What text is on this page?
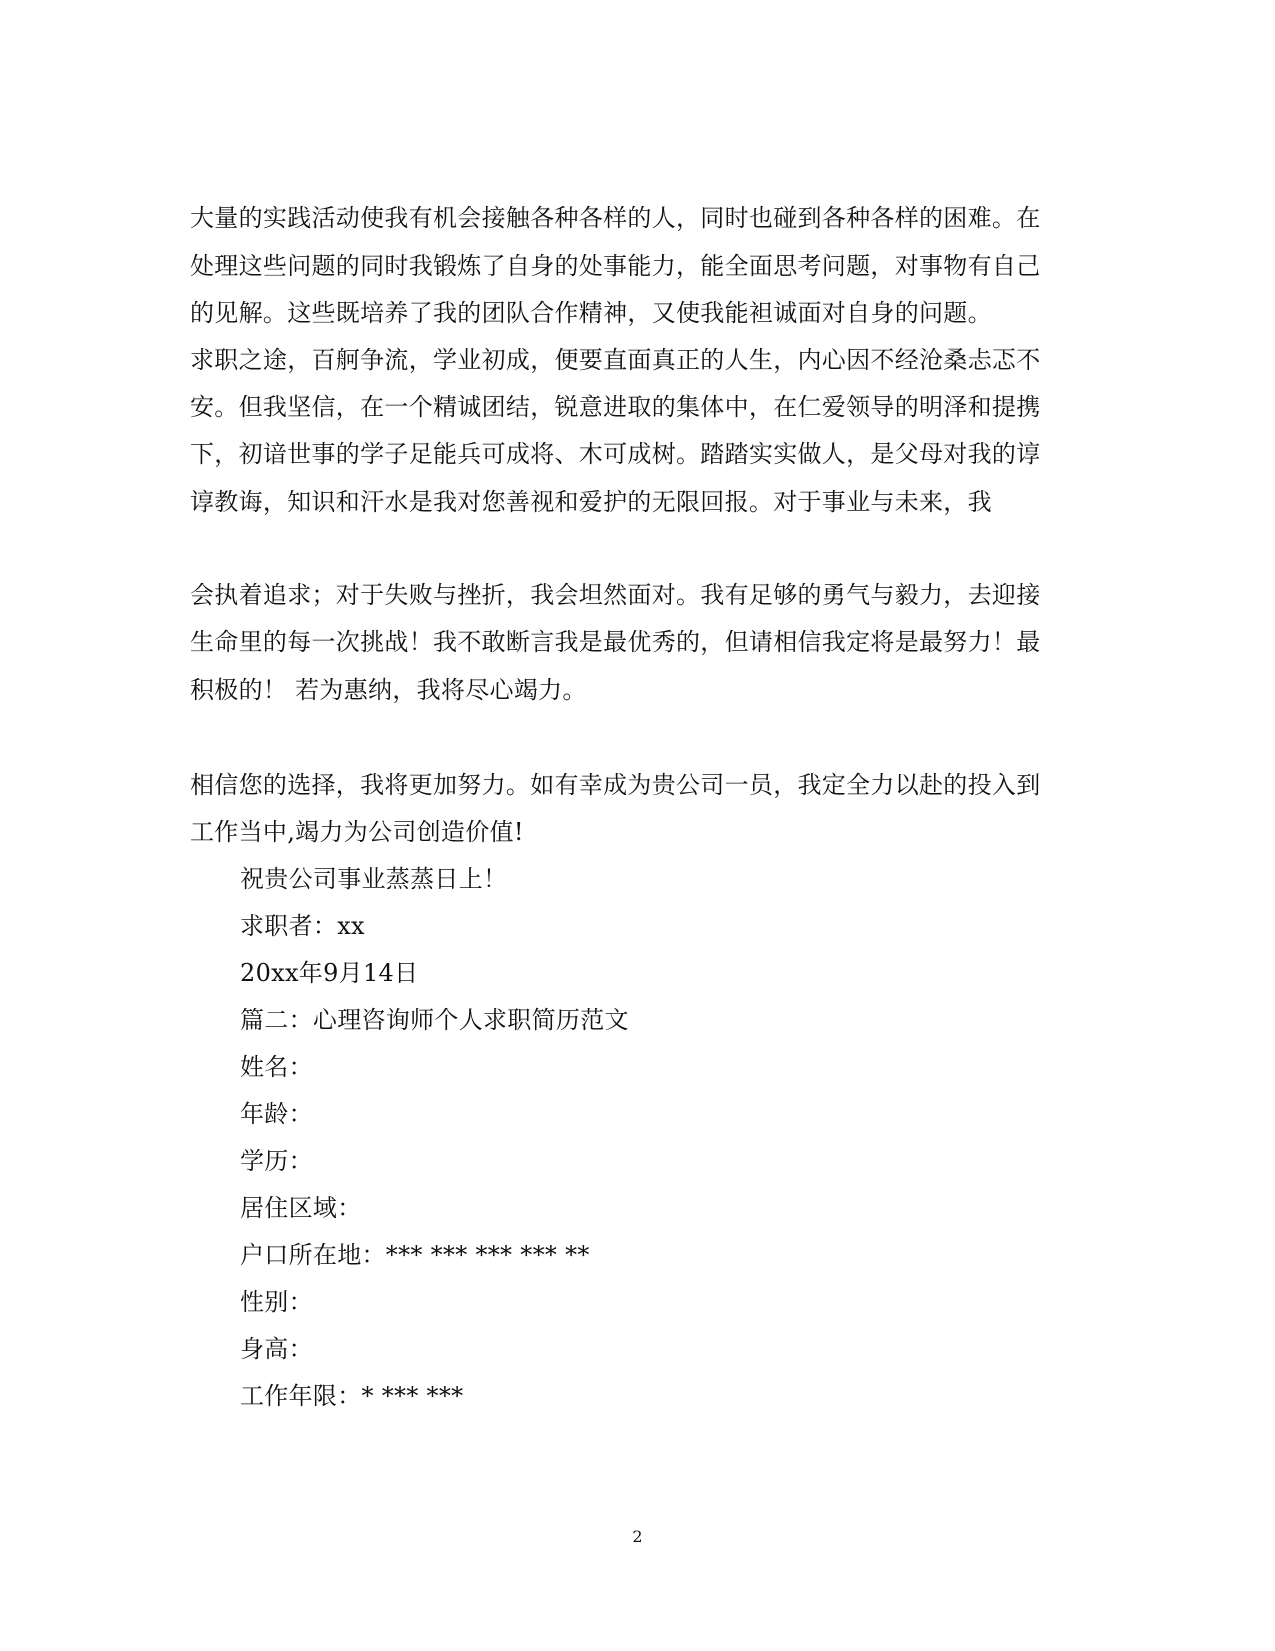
大量的实践活动使我有机会接触各种各样的人，同时也碰到各种各样的困难。在
处理这些问题的同时我锻炼了自身的处事能力，能全面思考问题，对事物有自己
的见解。这些既培养了我的团队合作精神，又使我能袒诚面对自身的问题。
求职之途，百舸争流，学业初成，便要直面真正的人生，内心因不经沧桑忐忑不
安。但我坚信，在一个精诚团结，锐意进取的集体中，在仁爱领导的明泽和提携
下，初谙世事的学子足能兵可成将、木可成树。踏踏实实做人，是父母对我的谆
谆教诲，知识和汗水是我对您善视和爱护的无限回报。对于事业与未来，我
会执着追求；对于失败与挫折，我会坦然面对。我有足够的勇气与毅力，去迎接
生命里的每一次挑战！我不敢断言我是最优秀的，但请相信我定将是最努力！最
积极的！ 若为惠纳，我将尽心竭力。
相信您的选择，我将更加努力。如有幸成为贵公司一员，我定全力以赴的投入到
工作当中,竭力为公司创造价值!
祝贵公司事业蒸蒸日上！
求职者：xx
20xx年9月14日
篇二：心理咨询师个人求职简历范文
姓名：
年龄：
学历：
居住区域：
户口所在地：*** *** *** *** **
性别：
身高：
工作年限：* *** ***
2
